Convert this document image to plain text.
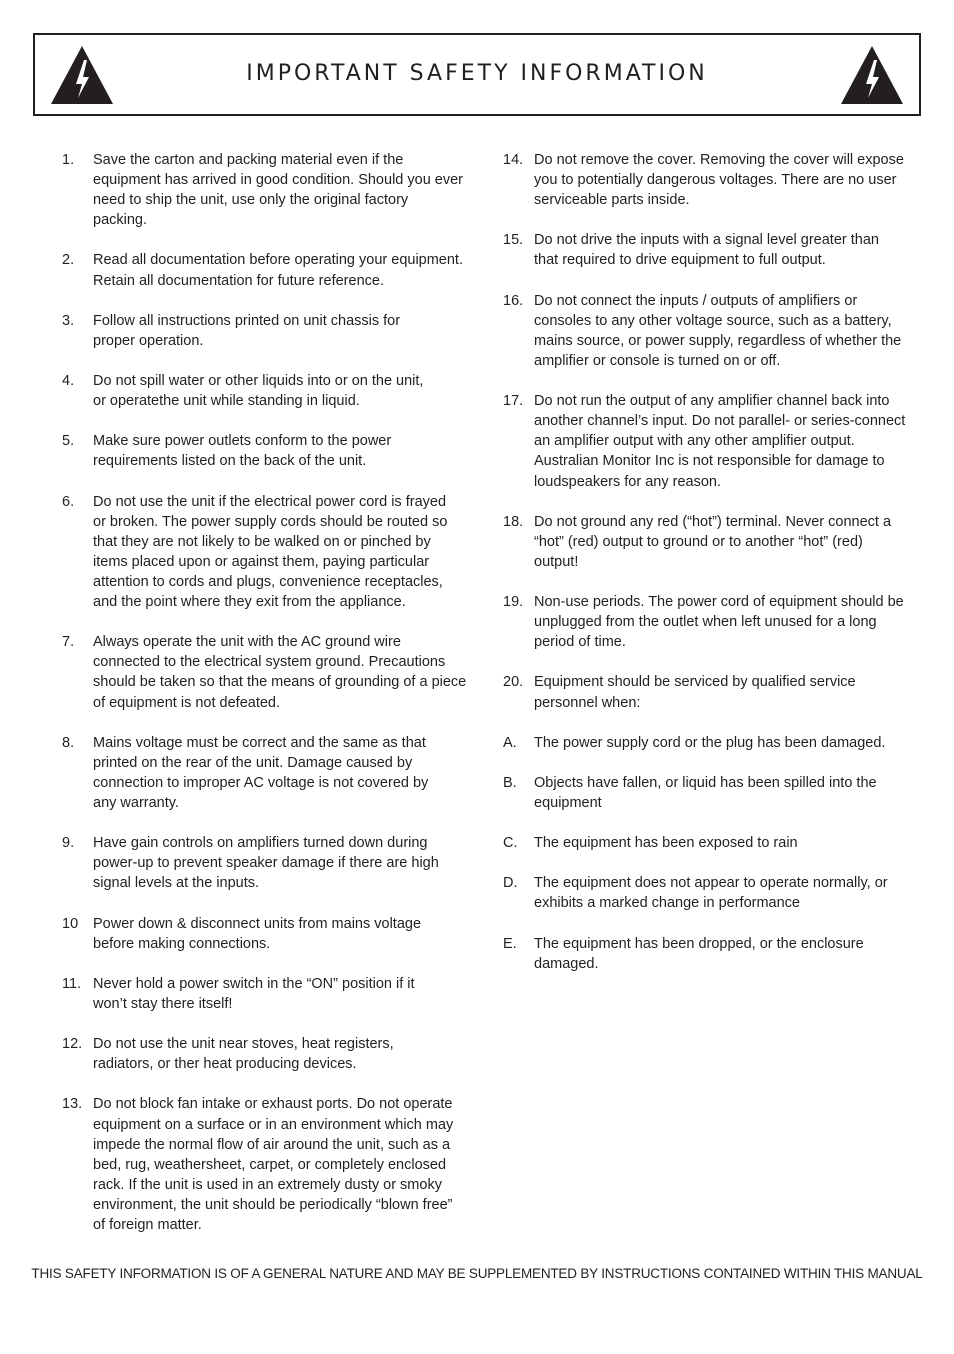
IMPORTANT SAFETY INFORMATION
1.	Save the carton and packing material even if the
equipment has arrived in good condition. Should you ever
need to ship the unit, use only the original factory
packing.
2.	Read all documentation before operating your equipment.
Retain all documentation for future reference.
3.	Follow all instructions printed on unit chassis for
proper operation.
4.	Do not spill water or other liquids into or on the unit,
or operatethe unit while standing in liquid.
5.	Make sure power outlets conform to the power
requirements listed on the back of the unit.
6.	Do not use the unit if the electrical power cord is frayed
or broken. The power supply cords should be routed so
that they are not likely to be walked on or pinched by
items placed upon or against them, paying particular
attention to cords and plugs, convenience receptacles,
and the point where they exit from the appliance.
7.	Always operate the unit with the AC ground wire
connected to the electrical system ground. Precautions
should be taken so that the means of grounding of a piece
of equipment is not defeated.
8.	Mains voltage must be correct and the same as that
printed on the rear of the unit. Damage caused by
connection to improper AC voltage is not covered by
any warranty.
9.	Have gain controls on amplifiers turned down during
power-up to prevent speaker damage if there are high
signal levels at the inputs.
10	Power down & disconnect units from mains voltage
before making connections.
11. Never hold a power switch in the “ON” position if it
won’t stay there itself!
12. Do not use the unit near stoves, heat registers,
radiators, or ther heat producing devices.
13. Do not block fan intake or exhaust ports. Do not operate
equipment on a surface or in an environment which may
impede the normal flow of air around the unit, such as a
bed, rug, weathersheet, carpet, or completely enclosed
rack. If the unit is used in an extremely dusty or smoky
environment, the unit should be periodically “blown free”
of foreign matter.
14. Do not remove the cover. Removing the cover will expose
you to potentially dangerous voltages. There are no user
serviceable parts inside.
15. Do not drive the inputs with a signal level greater than
that required to drive equipment to full output.
16. Do not connect the inputs / outputs of amplifiers or
consoles to any other voltage source, such as a battery,
mains source, or power supply, regardless of whether the
amplifier or console is turned on or off.
17. Do not run the output of any amplifier channel back into
another channel’s input. Do not parallel- or series-connect
an amplifier output with any other amplifier output.
Australian Monitor Inc is not responsible for damage to
loudspeakers for any reason.
18. Do not ground any red (“hot”) terminal. Never connect a
“hot” (red) output to ground or to another “hot” (red)
output!
19. Non-use periods. The power cord of equipment should be
unplugged from the outlet when left unused for a long
period of time.
20. Equipment should be serviced by qualified service
personnel when:
A.	The power supply cord or the plug has been damaged.
B.	Objects have fallen, or liquid has been spilled into the
equipment
C.	The equipment has been exposed to rain
D.	The equipment does not appear to operate normally, or
exhibits a marked change in performance
E.	The equipment has been dropped, or the enclosure
damaged.
THIS SAFETY INFORMATION IS OF A GENERAL NATURE AND MAY BE SUPPLEMENTED BY INSTRUCTIONS CONTAINED WITHIN THIS MANUAL
